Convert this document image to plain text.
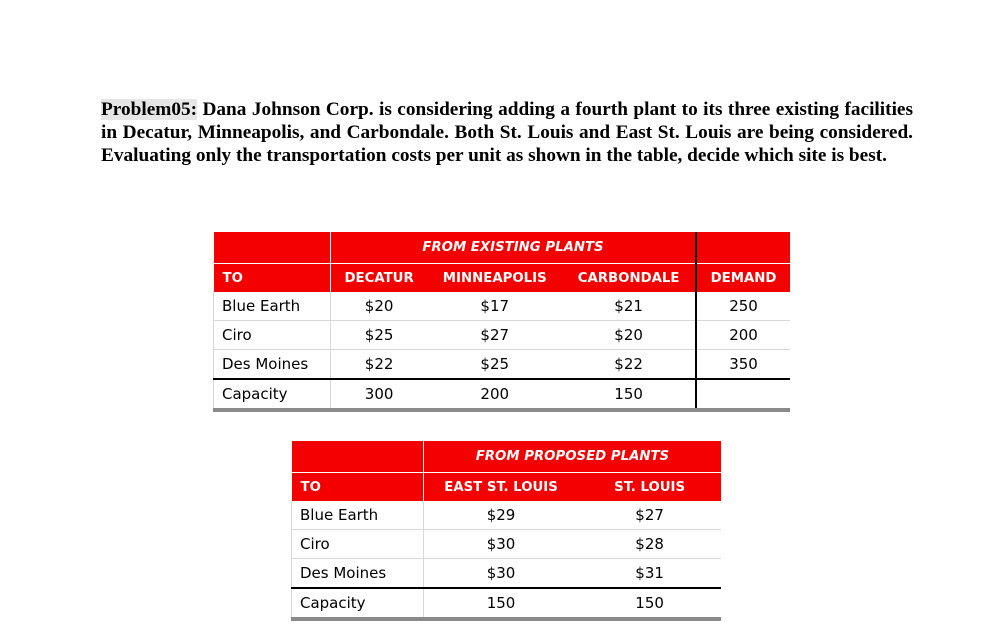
Problem05: Dana Johnson Corp. is considering adding a fourth plant to its three existing facilities in Decatur, Minneapolis, and Carbondale. Both St. Louis and East St. Louis are being considered. Evaluating only the transportation costs per unit as shown in the table, decide which site is best.
	FROM EXISTING PLANTS			
TO	DECATUR	MINNEAPOLIS	CARBONDALE	DEMAND
Blue Earth	$20	$17	$21	250
Ciro	$25	$27	$20	200
Des Moines	$22	$25	$22	350
Capacity	300	200	150	
	FROM PROPOSED PLANTS	
TO	EAST ST. LOUIS	ST. LOUIS
Blue Earth	$29	$27
Ciro	$30	$28
Des Moines	$30	$31
Capacity	150	150
